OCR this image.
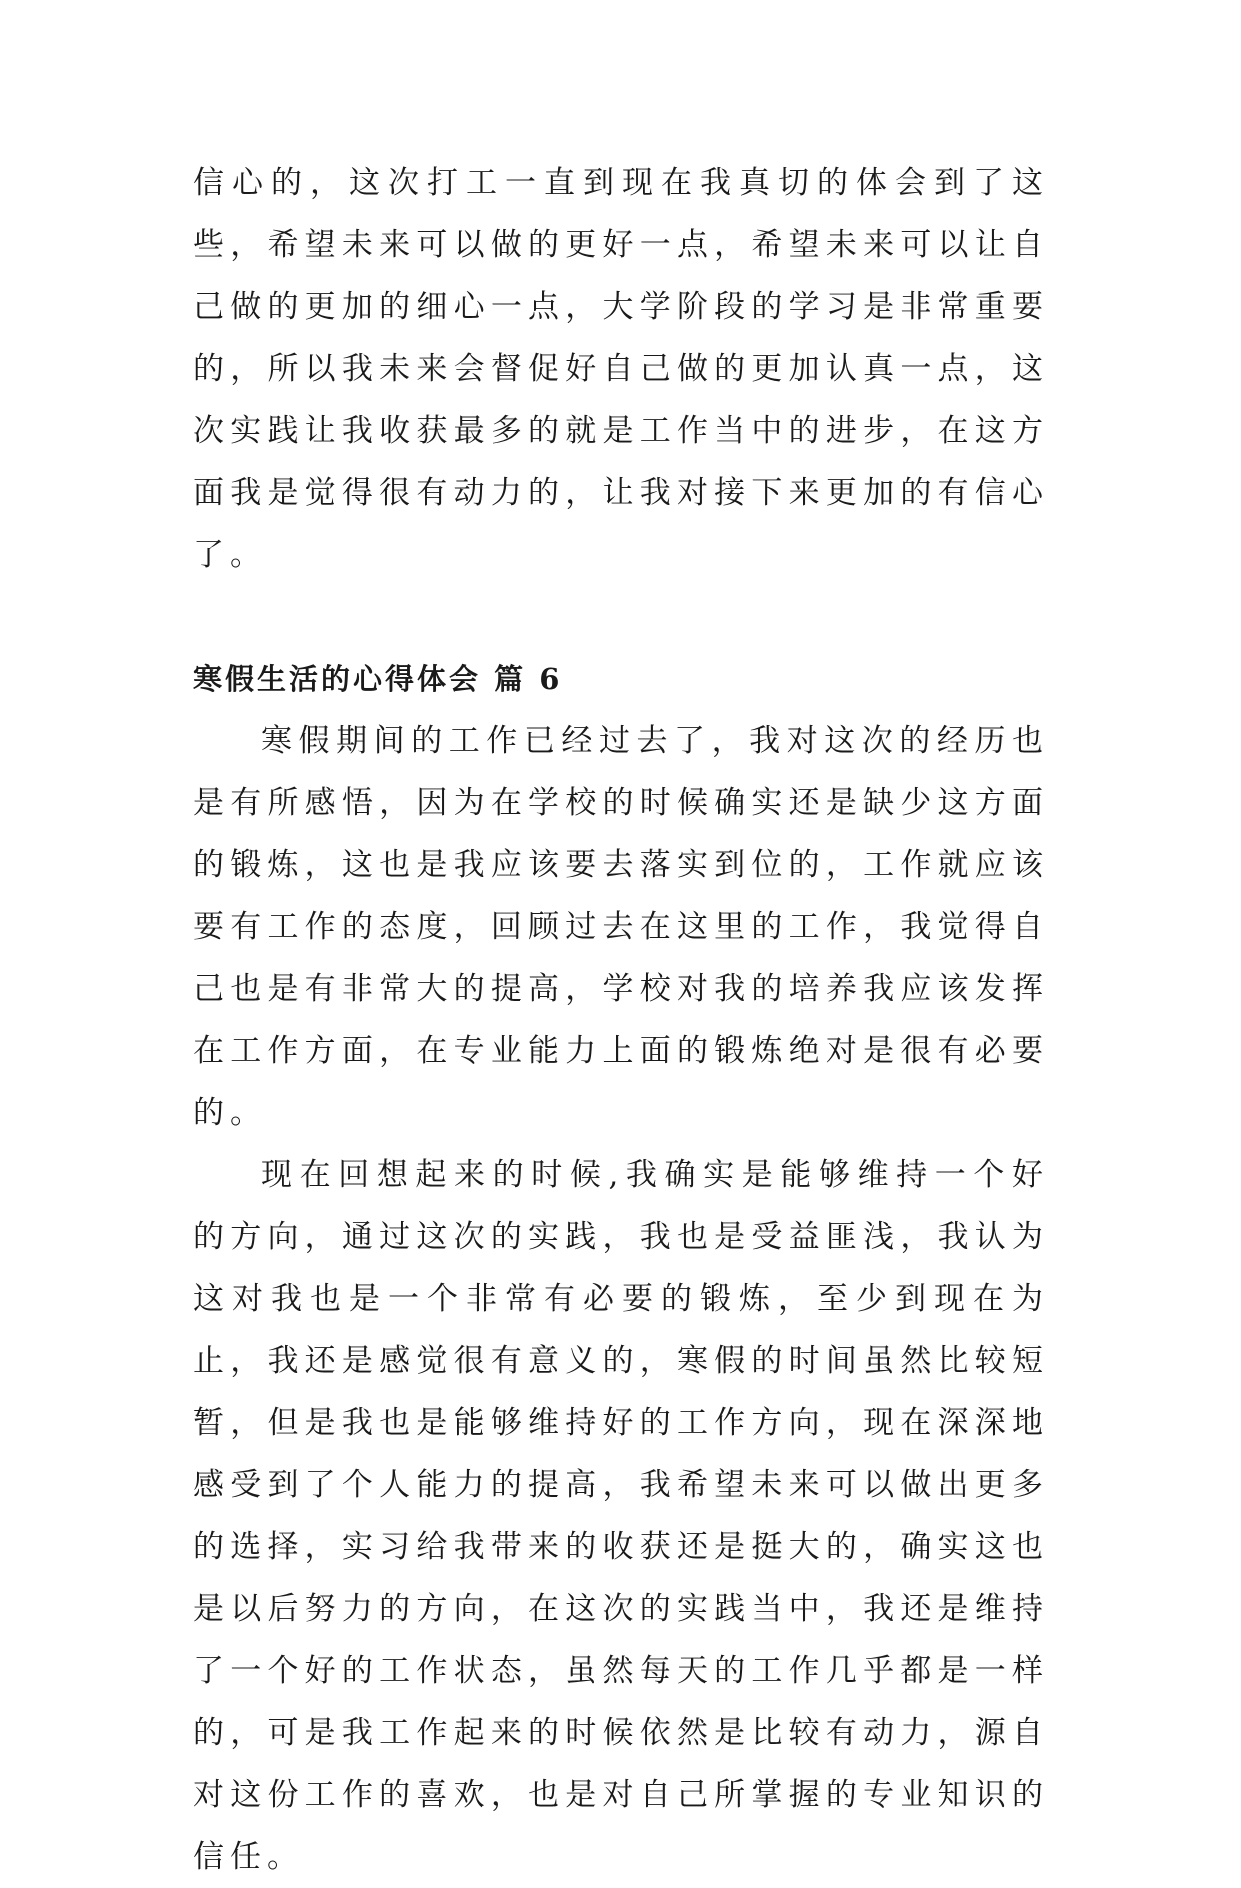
信心的，这次打工一直到现在我真切的体会到了这些，希望未来可以做的更好一点，希望未来可以让自己做的更加的细心一点，大学阶段的学习是非常重要的，所以我未来会督促好自己做的更加认真一点，这次实践让我收获最多的就是工作当中的进步，在这方面我是觉得很有动力的，让我对接下来更加的有信心了。

寒假生活的心得体会 篇 6

寒假期间的工作已经过去了，我对这次的经历也是有所感悟，因为在学校的时候确实还是缺少这方面的锻炼，这也是我应该要去落实到位的，工作就应该要有工作的态度，回顾过去在这里的工作，我觉得自己也是有非常大的提高，学校对我的培养我应该发挥在工作方面，在专业能力上面的锻炼绝对是很有必要的。

现在回想起来的时候,我确实是能够维持一个好的方向，通过这次的实践，我也是受益匪浅，我认为这对我也是一个非常有必要的锻炼，至少到现在为止，我还是感觉很有意义的，寒假的时间虽然比较短暂，但是我也是能够维持好的工作方向，现在深深地感受到了个人能力的提高，我希望未来可以做出更多的选择，实习给我带来的收获还是挺大的，确实这也是以后努力的方向，在这次的实践当中，我还是维持了一个好的工作状态，虽然每天的工作几乎都是一样的，可是我工作起来的时候依然是比较有动力，源自对这份工作的喜欢，也是对自己所掌握的专业知识的信任。
